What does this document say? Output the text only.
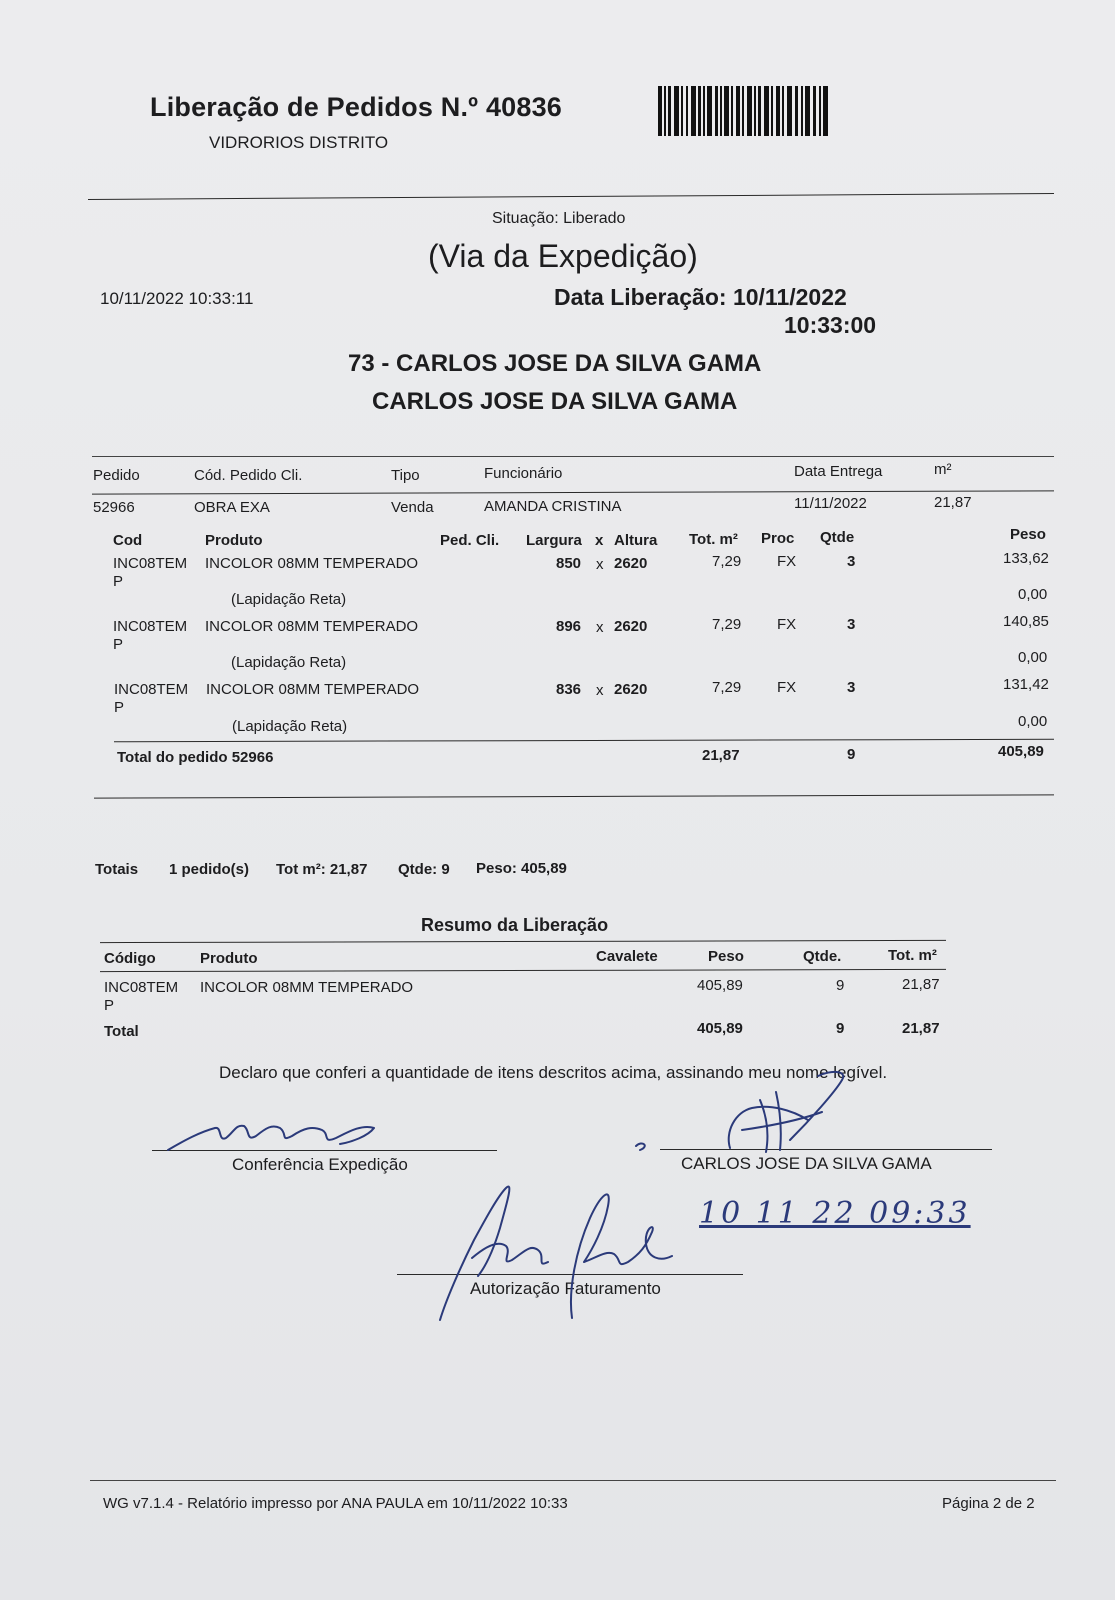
Liberação de Pedidos N.º 40836
VIDRORIOS DISTRITO
Situação: Liberado
(Via da Expedição)
10/11/2022 10:33:11	Data Liberação: 10/11/2022
10:33:00
73 - CARLOS JOSE DA SILVA GAMA
CARLOS JOSE DA SILVA GAMA
Pedido	Cód. Pedido Cli.	Tipo	Funcionário	Data Entrega	m²
52966	OBRA EXA	Venda	AMANDA CRISTINA	11/11/2022	21,87
Cod	Produto	Ped. Cli. Largura x Altura Tot. m² Proc Qtde	Peso
INC08TEM
P
INCOLOR 08MM TEMPERADO	850 x 2620	7,29 FX	3	133,62
(Lapidação Reta)	0,00
INC08TEM
P
INCOLOR 08MM TEMPERADO	896 x 2620	7,29 FX	3	140,85
(Lapidação Reta)	0,00
INC08TEM
P
INCOLOR 08MM TEMPERADO	836 x 2620	7,29 FX	3	131,42
(Lapidação Reta)	0,00
Total do pedido 52966	21,87	9	405,89
Totais 1 pedido(s) Tot m²: 21,87 Qtde: 9 Peso: 405,89
Resumo da Liberação
Código	Produto	Cavalete	Peso	Qtde.	Tot. m²
INC08TEM
P
INCOLOR 08MM TEMPERADO	405,89	9	21,87
Total	405,89	9	21,87
Declaro que conferi a quantidade de itens descritos acima, assinando meu nome legível.
Conferência Expedição	CARLOS JOSE DA SILVA GAMA
10 11 22 09:33
Autorização Faturamento
WG v7.1.4 - Relatório impresso por ANA PAULA em 10/11/2022 10:33	Página 2 de 2
